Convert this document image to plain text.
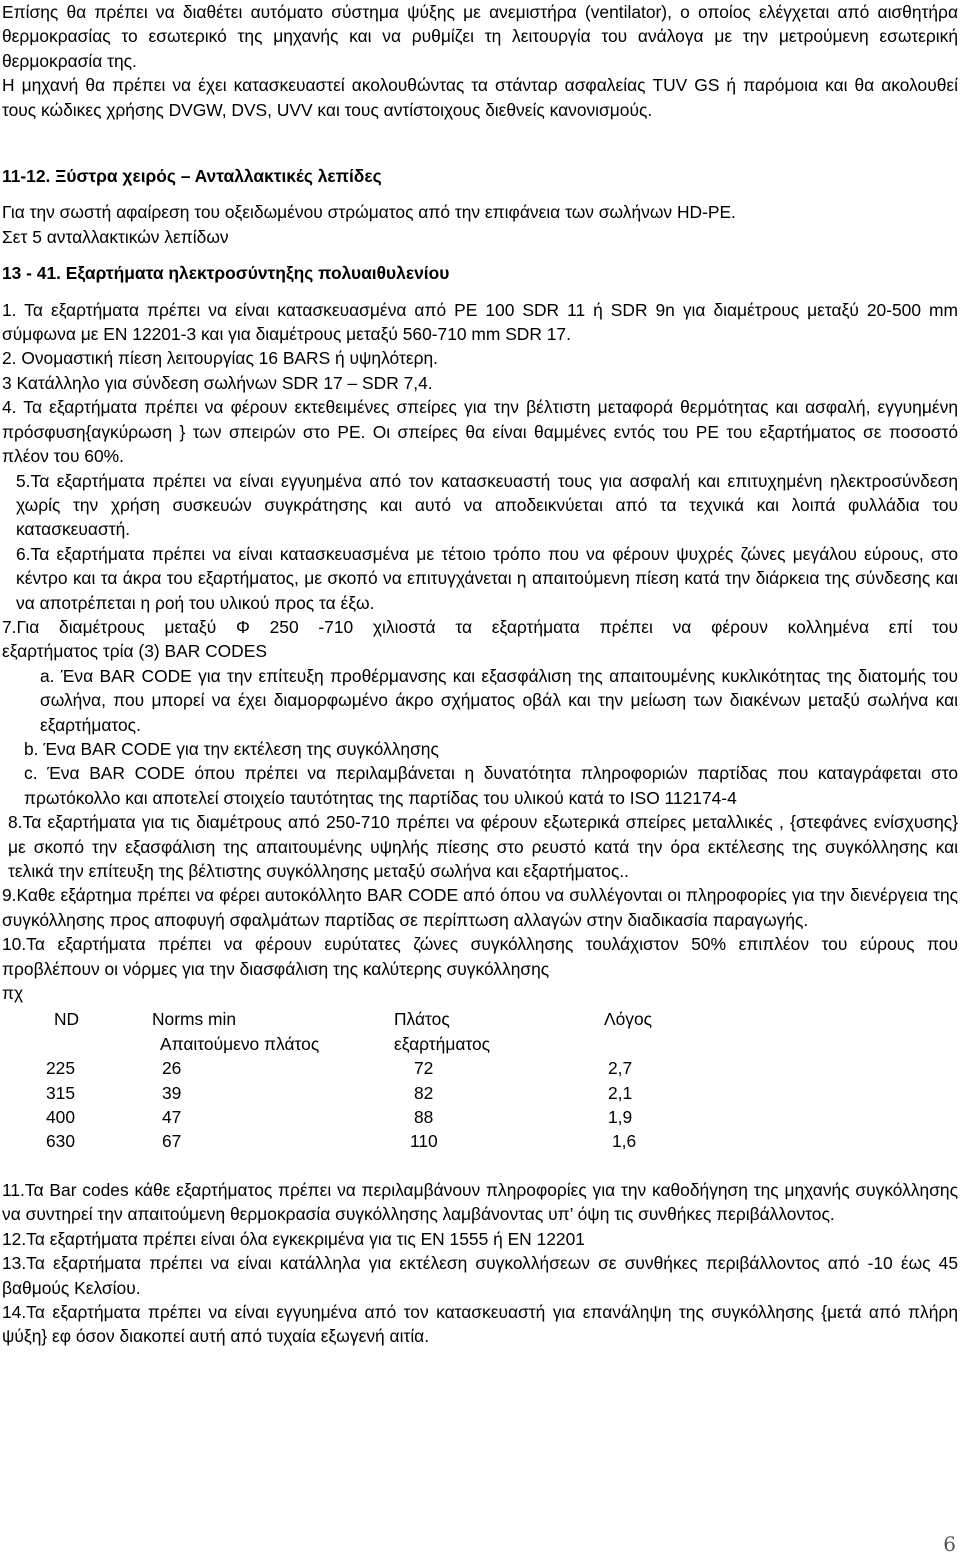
Επίσης θα πρέπει να διαθέτει αυτόματο σύστημα ψύξης με ανεμιστήρα (ventilator), ο οποίος ελέγχεται από αισθητήρα θερμοκρασίας το εσωτερικό της μηχανής και να ρυθμίζει τη λειτουργία του ανάλογα με την μετρούμενη εσωτερική θερμοκρασία της.

Η μηχανή θα πρέπει να έχει κατασκευαστεί ακολουθώντας τα στάνταρ ασφαλείας TUV GS ή παρόμοια και θα ακολουθεί τους κώδικες χρήσης DVGW, DVS, UVV και τους αντίστοιχους διεθνείς κανονισμούς.

11-12. Ξύστρα χειρός – Ανταλλακτικές λεπίδες

Για την σωστή αφαίρεση του οξειδωμένου στρώματος από την επιφάνεια των σωλήνων HD-PE.

Σετ 5 ανταλλακτικών λεπίδων

13 - 41. Εξαρτήματα ηλεκτροσύντηξης πολυαιθυλενίου

1. Τα εξαρτήματα πρέπει να είναι κατασκευασμένα από PE 100 SDR 11 ή SDR 9n για διαμέτρους μεταξύ 20-500 mm σύμφωνα με EN 12201-3 και για διαμέτρους μεταξύ 560-710 mm SDR 17.

2. Ονομαστική πίεση λειτουργίας 16 BARS ή υψηλότερη.

3 Κατάλληλο για σύνδεση σωλήνων SDR 17 – SDR 7,4.

4. Τα εξαρτήματα πρέπει να φέρουν εκτεθειμένες σπείρες για την βέλτιστη μεταφορά θερμότητας και ασφαλή, εγγυημένη πρόσφυση{αγκύρωση } των σπειρών στο PE. Οι σπείρες θα είναι θαμμένες εντός του PE του εξαρτήματος σε ποσοστό πλέον του 60%.

5.Τα εξαρτήματα πρέπει να είναι εγγυημένα από τον κατασκευαστή τους για ασφαλή και επιτυχημένη ηλεκτροσύνδεση χωρίς την χρήση συσκευών συγκράτησης και αυτό να αποδεικνύεται από τα τεχνικά και λοιπά φυλλάδια του κατασκευαστή.

6.Τα εξαρτήματα πρέπει να είναι κατασκευασμένα με τέτοιο τρόπο που να φέρουν ψυχρές ζώνες μεγάλου εύρους, στο κέντρο και τα άκρα του εξαρτήματος, με σκοπό να επιτυγχάνεται η απαιτούμενη πίεση κατά την διάρκεια της σύνδεσης και να αποτρέπεται η ροή του υλικού προς τα έξω.

7.Για διαμέτρους μεταξύ Φ 250 -710 χιλιοστά τα εξαρτήματα πρέπει να φέρουν κολλημένα επί του

εξαρτήματος τρία (3) BAR CODES

a. Ένα BAR CODE για την επίτευξη προθέρμανσης και εξασφάλιση της απαιτουμένης κυκλικότητας της διατομής του σωλήνα, που μπορεί να έχει διαμορφωμένο άκρο σχήματος οβάλ και την μείωση των διακένων μεταξύ σωλήνα και εξαρτήματος.

b. Ένα BAR CODE για την εκτέλεση της συγκόλλησης

c. Ένα BAR CODE όπου πρέπει να περιλαμβάνεται η δυνατότητα πληροφοριών παρτίδας που καταγράφεται στο πρωτόκολλο και αποτελεί στοιχείο ταυτότητας της παρτίδας του υλικού κατά το ISO 112174-4

8.Τα εξαρτήματα για τις διαμέτρους από 250-710 πρέπει να φέρουν εξωτερικά σπείρες μεταλλικές , {στεφάνες ενίσχυσης} με σκοπό την εξασφάλιση της απαιτουμένης υψηλής πίεσης στο ρευστό κατά την όρα εκτέλεσης της συγκόλλησης και τελικά την επίτευξη της βέλτιστης συγκόλλησης μεταξύ σωλήνα και εξαρτήματος..

9.Καθε εξάρτημα πρέπει να φέρει αυτοκόλλητο BAR CODE από όπου να συλλέγονται οι πληροφορίες για την διενέργεια της συγκόλλησης προς αποφυγή σφαλμάτων παρτίδας σε περίπτωση αλλαγών στην διαδικασία παραγωγής.

10.Τα εξαρτήματα πρέπει να φέρουν ευρύτατες ζώνες συγκόλλησης τουλάχιστον 50% επιπλέον του εύρους που προβλέπουν οι νόρμες για την διασφάλιση της καλύτερης συγκόλλησης

πχ

ND	Norms min	Πλάτος	Λόγος
	Απαιτούμενο πλάτος	εξαρτήματος	
225	26	72	2,7
315	39	82	2,1
400	47	88	1,9
630	67	110	1,6

11.Τα Bar codes κάθε εξαρτήματος πρέπει να περιλαμβάνουν πληροφορίες για την καθοδήγηση της μηχανής συγκόλλησης να συντηρεί την απαιτούμενη θερμοκρασία συγκόλλησης λαμβάνοντας υπ’ όψη τις συνθήκες περιβάλλοντος.

12.Τα εξαρτήματα πρέπει είναι όλα εγκεκριμένα για τις EN 1555 ή EN 12201

13.Τα εξαρτήματα πρέπει να είναι κατάλληλα για εκτέλεση συγκολλήσεων σε συνθήκες περιβάλλοντος από -10 έως 45 βαθμούς Κελσίου.

14.Τα εξαρτήματα πρέπει να είναι εγγυημένα από τον κατασκευαστή για επανάληψη της συγκόλλησης {μετά από πλήρη ψύξη} εφ όσον διακοπεί αυτή από τυχαία εξωγενή αιτία.

6
